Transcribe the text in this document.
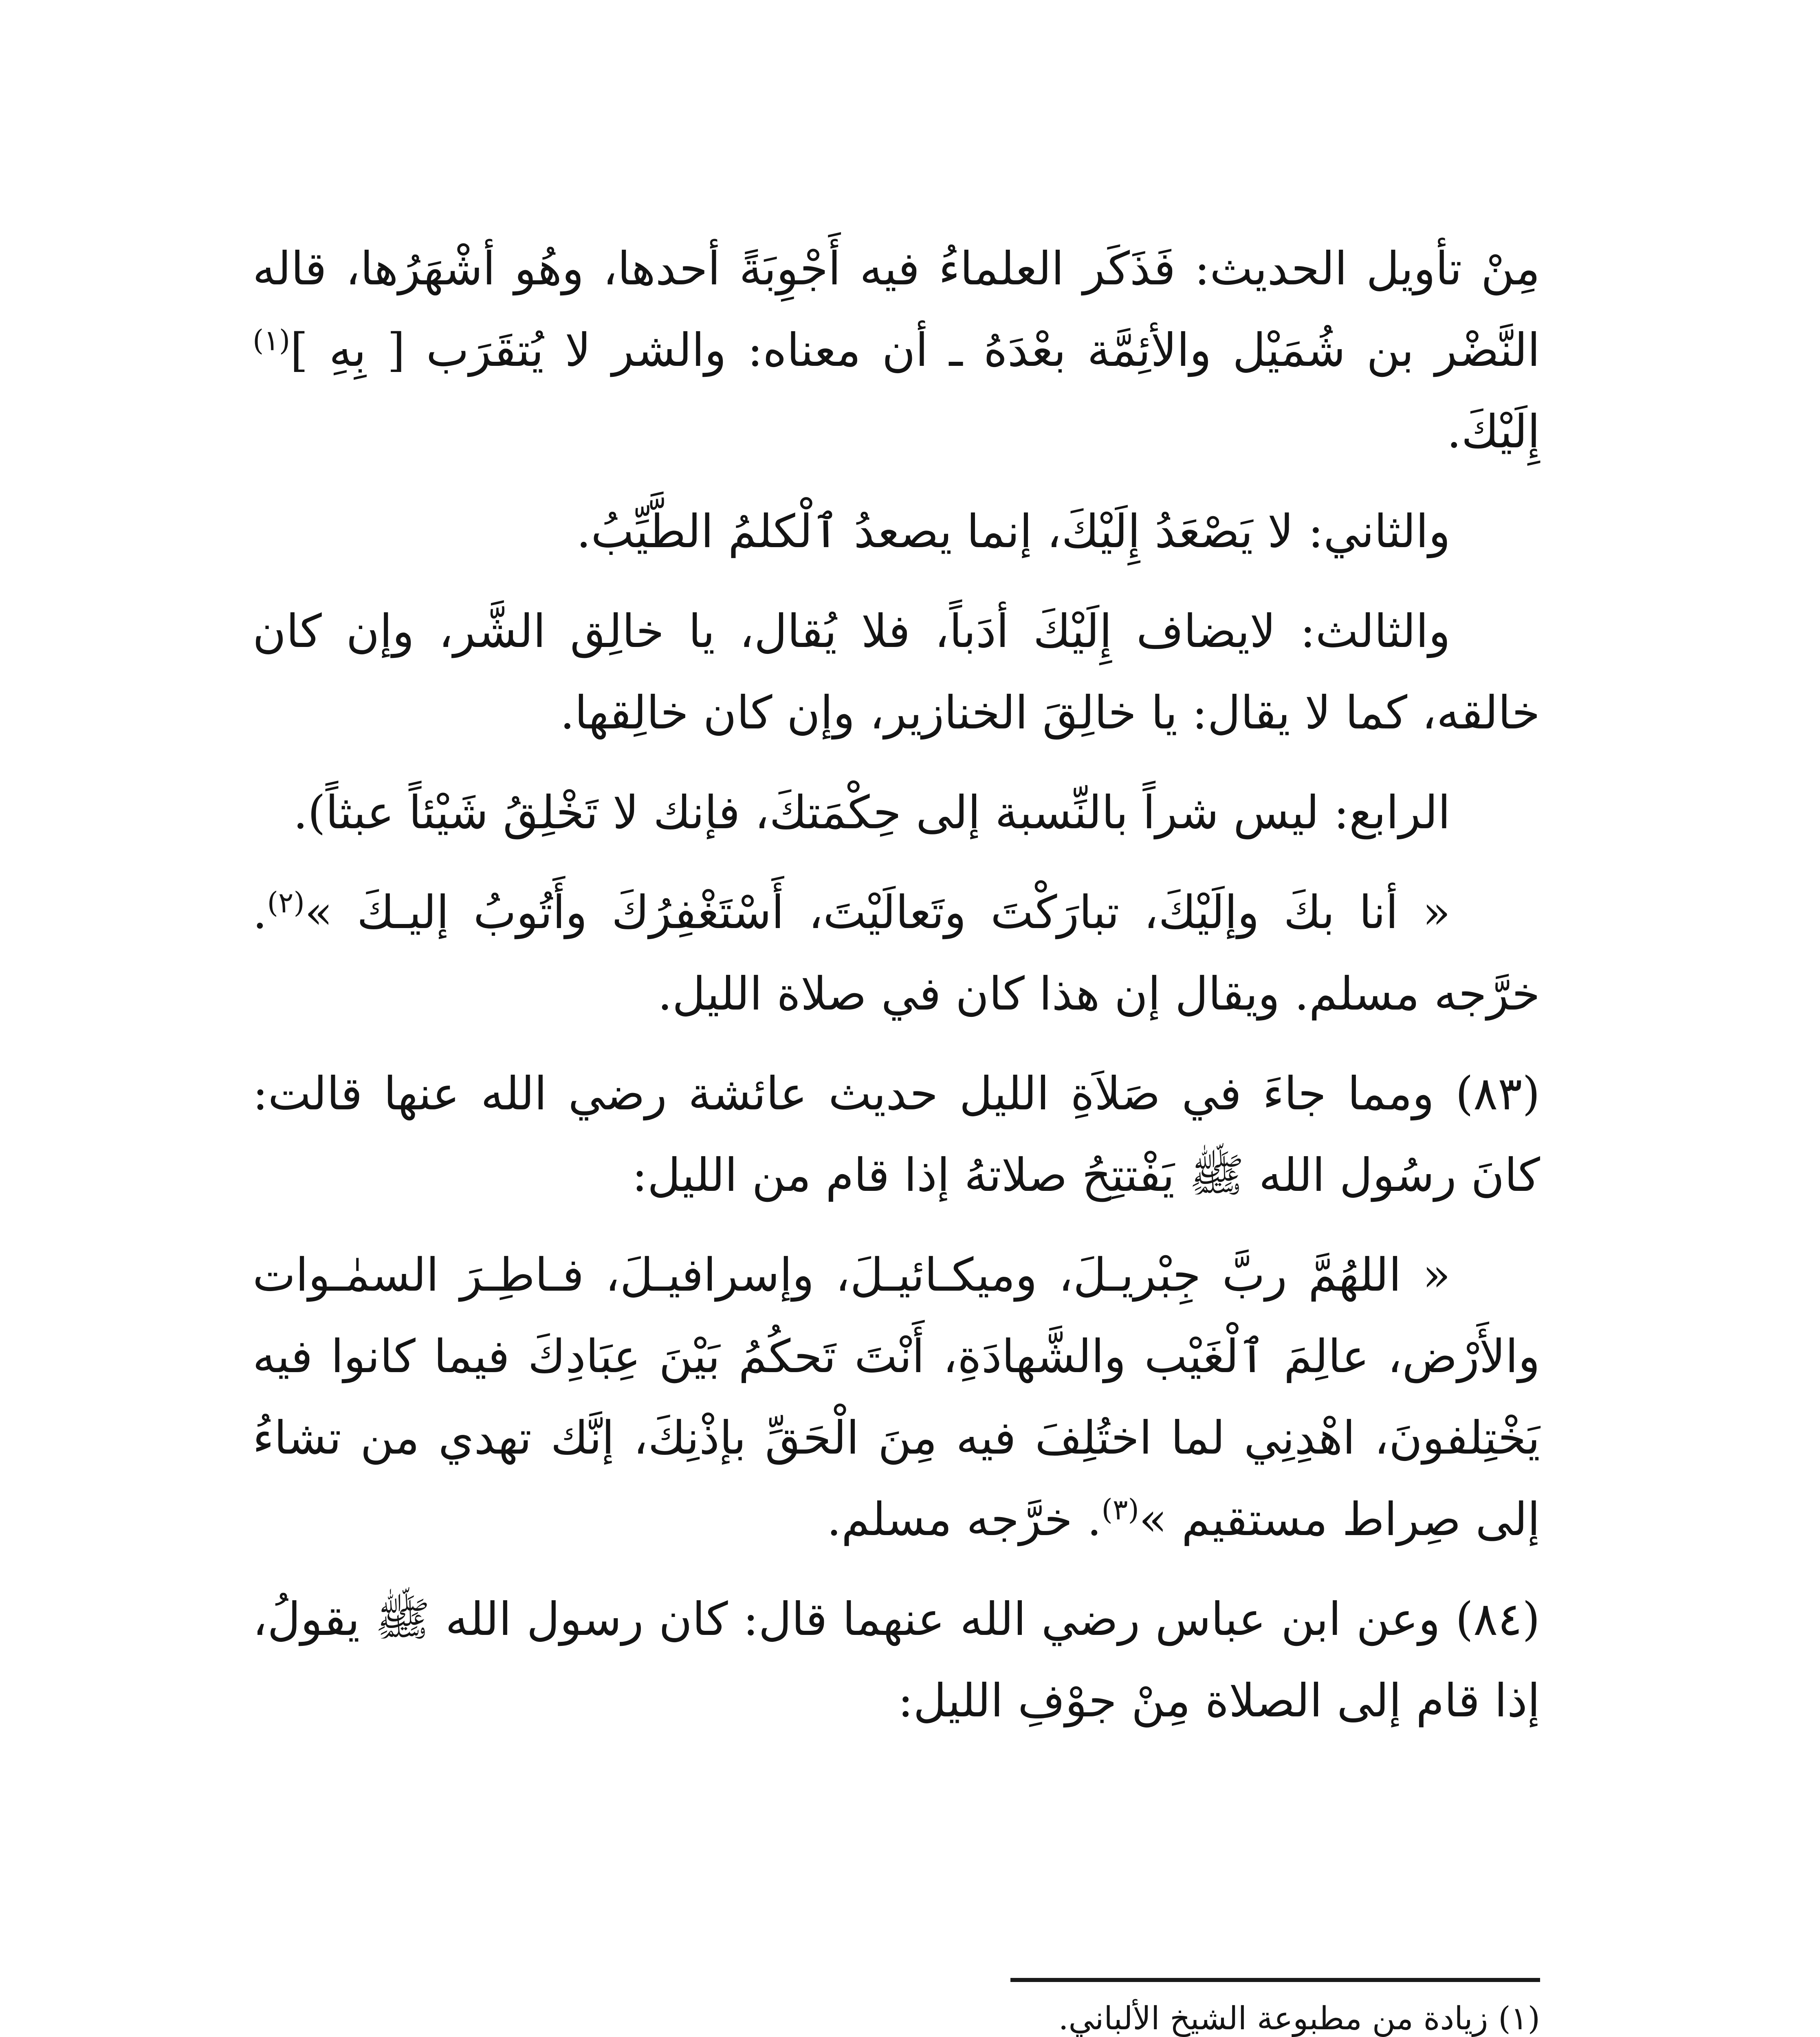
مِنْ تأويل الحديث: فَذَكَر العلماءُ فيه أَجْوِبَةً أحدها، وهُو أشْهَرُها، قاله النَّضْر بن شُمَيْل والأئِمَّة بعْدَهُ ـ أن معناه: والشر لا يُتقَرَب [ بِهِ ]$^{(١)}$ إِلَيْكَ.

والثاني: لا يَصْعَدُ إِلَيْكَ، إنما يصعدُ ٱلْكلمُ الطَّيِّبُ.

والثالث: لايضاف إِلَيْكَ أدَباً، فلا يُقال، يا خالِق الشَّر، وإن كان خالقه، كما لا يقال: يا خالِقَ الخنازير، وإن كان خالِقها.

الرابع: ليس شراً بالنِّسبة إلى حِكْمَتكَ، فإنك لا تَخْلِقُ شَيْئاً عبثاً).

« أنا بكَ وإلَيْكَ، تبارَكْتَ وتَعالَيْتَ، أَسْتَغْفِرُكَ وأَتُوبُ إليـكَ »$^{(٢)}$. خرَّجه مسلم. ويقال إن هذا كان في صلاة الليل.

(٨٣) ومما جاءَ في صَلاَةِ الليل حديث عائشة رضي الله عنها قالت: كانَ رسُول الله ﷺ يَفْتتِحُ صلاتهُ إذا قام من الليل:

« اللهُمَّ ربَّ جِبْريـلَ، وميكـائيـلَ، وإسرافيـلَ، فـاطِـرَ السمٰـوات والأَرْض، عالِمَ ٱلْغَيْب والشَّهادَةِ، أَنْتَ تَحكُمُ بَيْنَ عِبَادِكَ فيما كانوا فيه يَخْتِلفونَ، اهْدِنِي لما اختُلِفَ فيه مِنَ الْحَقِّ بإذْنِكَ، إنَّك تهدي من تشاءُ إلى صِراط مستقيم »$^{(٣)}$. خرَّجه مسلم.

(٨٤) وعن ابن عباس رضي الله عنهما قال: كان رسول الله ﷺ يقولُ، إذا قام إلى الصلاة مِنْ جوْفِ الليل:

(١) زيادة من مطبوعة الشيخ الألباني.
